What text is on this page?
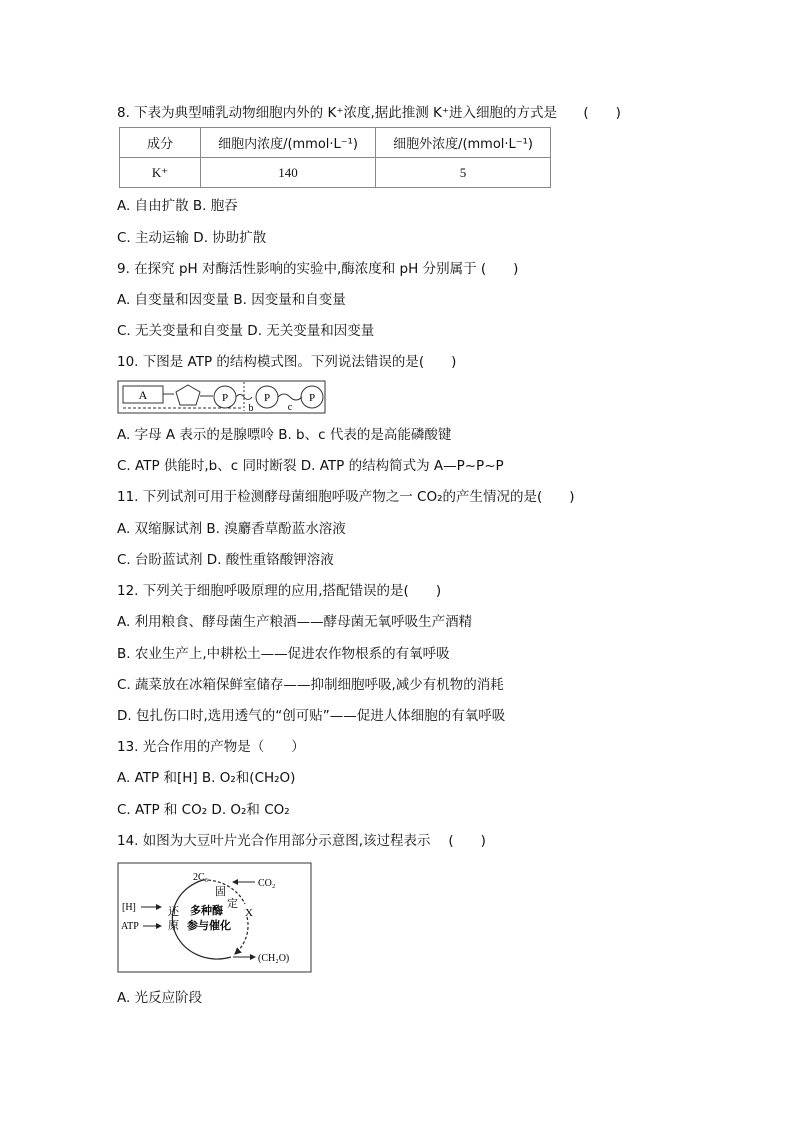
8. 下表为典型哺乳动物细胞内外的 K⁺浓度,据此推测 K⁺进入细胞的方式是 (　　)
成分	细胞内浓度/(mmol·L⁻¹)	细胞外浓度/(mmol·L⁻¹)
K⁺	140	5
A. 自由扩散 B. 胞吞
C. 主动运输 D. 协助扩散
9. 在探究 pH 对酶活性影响的实验中,酶浓度和 pH 分别属于 (　　)
A. 自变量和因变量 B. 因变量和自变量
C. 无关变量和自变量 D. 无关变量和因变量
10. 下图是 ATP 的结构模式图。下列说法错误的是(　　)
A	P
b
P
c
P
A. 字母 A 表示的是腺嘌呤 B. b、c 代表的是高能磷酸键
C. ATP 供能时,b、c 同时断裂 D. ATP 的结构简式为 A—P~P~P
11. 下列试剂可用于检测酵母菌细胞呼吸产物之一 CO₂的产生情况的是(　　)
A. 双缩脲试剂 B. 溴麝香草酚蓝水溶液
C. 台盼蓝试剂 D. 酸性重铬酸钾溶液
12. 下列关于细胞呼吸原理的应用,搭配错误的是(　　)
A. 利用粮食、酵母菌生产粮酒——酵母菌无氧呼吸生产酒精
B. 农业生产上,中耕松土——促进农作物根系的有氧呼吸
C. 蔬菜放在冰箱保鲜室储存——抑制细胞呼吸,减少有机物的消耗
D. 包扎伤口时,选用透气的“创可贴”——促进人体细胞的有氧呼吸
13. 光合作用的产物是（　　）
A. ATP 和[H] B. O₂和(CH₂O)
C. ATP 和 CO₂ D. O₂和 CO₂
14. 如图为大豆叶片光合作用部分示意图,该过程表示　 (　　)
2C₃
CO₂
固
定
X
[H]
ATP
还
原
多种酶
参与催化
(CH₂O)
A. 光反应阶段
